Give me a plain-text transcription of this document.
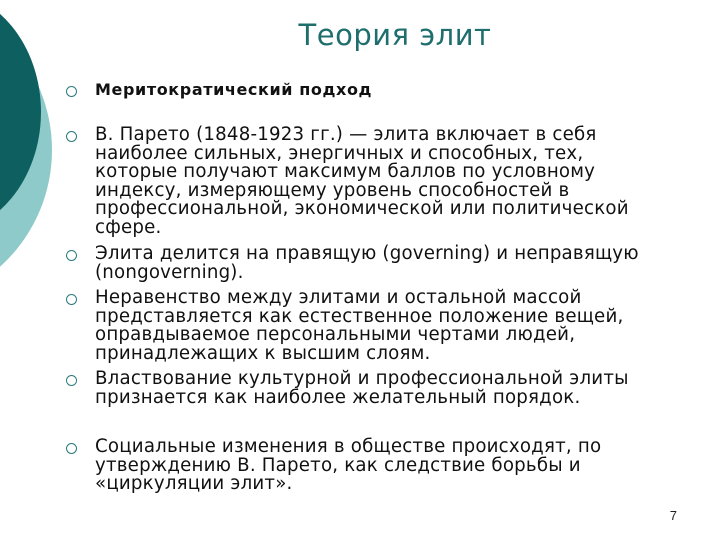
Теория элит
Меритократический подход
В. Парето (1848-1923 гг.) — элита включает в себя
наиболее сильных, энергичных и способных, тех,
которые получают максимум баллов по условному
индексу, измеряющему уровень способностей в
профессиональной, экономической или политической
сфере.
Элита делится на правящую (governing) и неправящую
(nongoverning).
Неравенство между элитами и остальной массой
представляется как естественное положение вещей,
оправдываемое персональными чертами людей,
принадлежащих к высшим слоям.
Властвование культурной и профессиональной элиты
признается как наиболее желательный порядок.
Социальные изменения в обществе происходят, по
утверждению В. Парето, как следствие борьбы и
«циркуляции элит».
7
